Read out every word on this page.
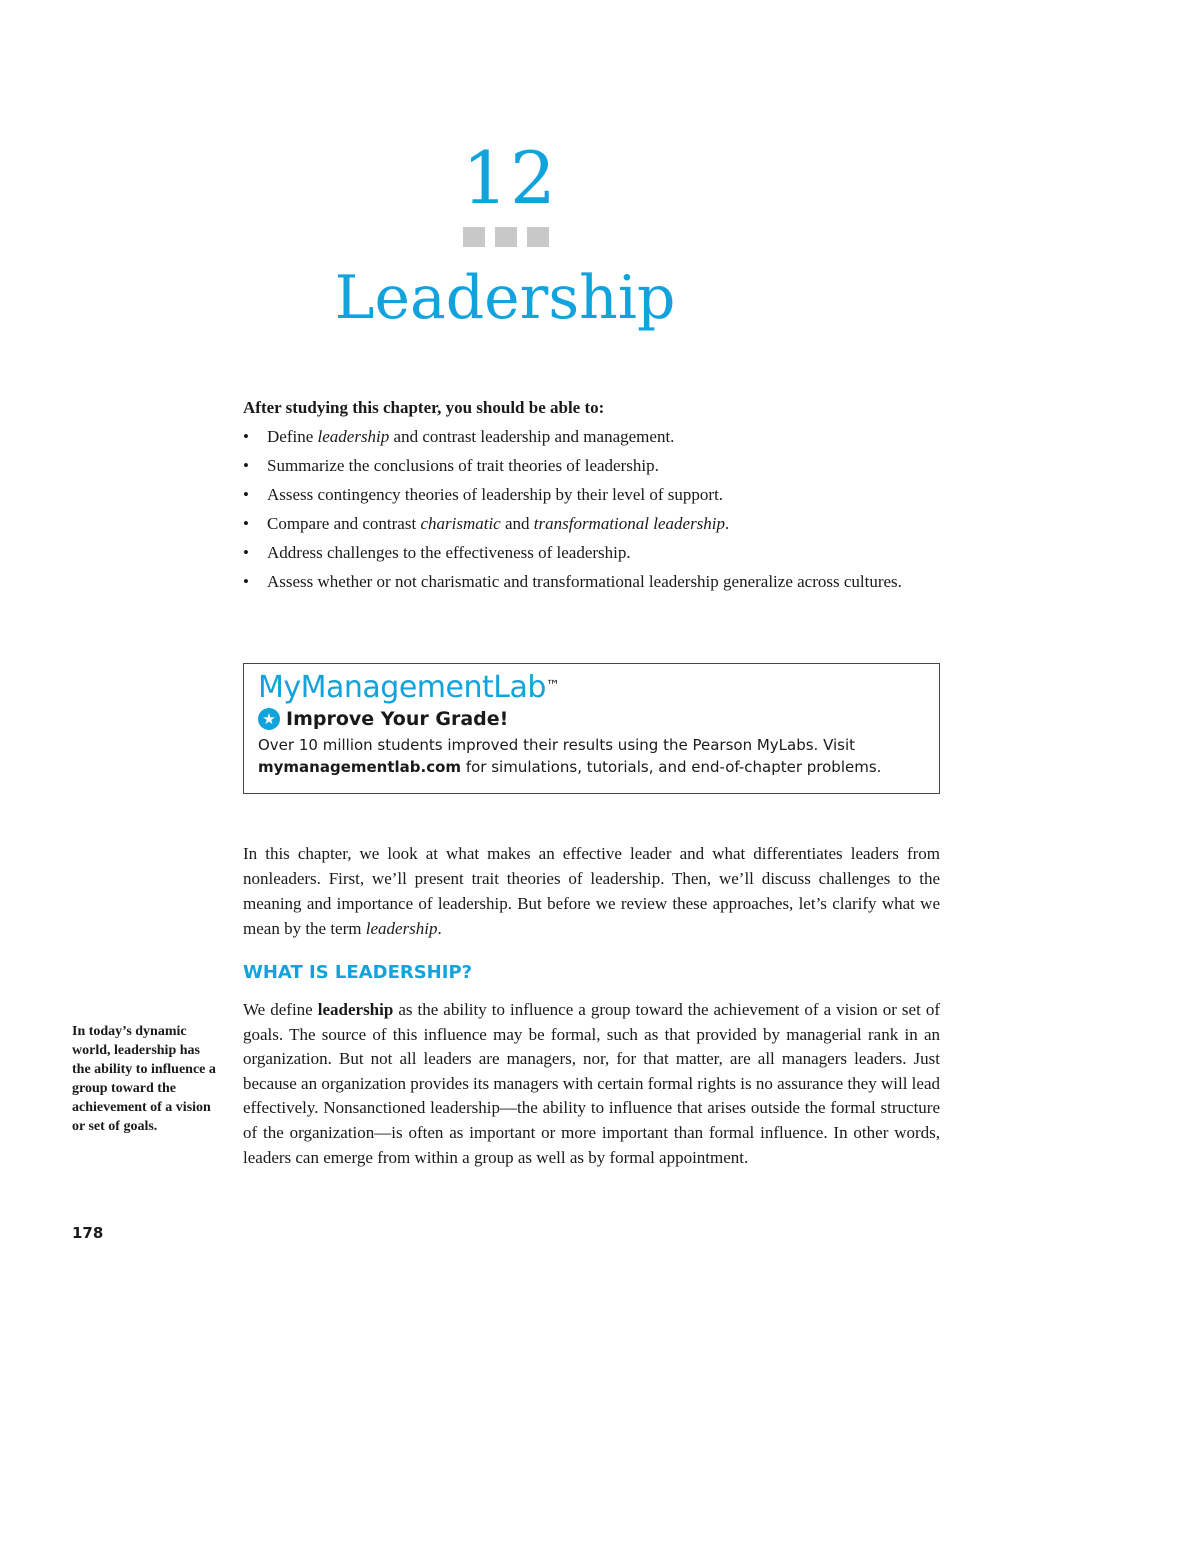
12
Leadership

After studying this chapter, you should be able to:

• Define leadership and contrast leadership and management.
• Summarize the conclusions of trait theories of leadership.
• Assess contingency theories of leadership by their level of support.
• Compare and contrast charismatic and transformational leadership.
• Address challenges to the effectiveness of leadership.
• Assess whether or not charismatic and transformational leadership generalize across cultures.
MyManagementLab™
★ Improve Your Grade!
Over 10 million students improved their results using the Pearson MyLabs. Visit
mymanagementlab.com for simulations, tutorials, and end-of-chapter problems.

In this chapter, we look at what makes an effective leader and what differentiates leaders from nonleaders. First, we’ll present trait theories of leadership. Then, we’ll discuss challenges to the meaning and importance of leadership. But before we review these approaches, let’s clarify what we mean by the term leadership.

WHAT IS LEADERSHIP?

We define leadership as the ability to influence a group toward the achievement of a vision or set of goals. The source of this influence may be formal, such as that provided by managerial rank in an organization. But not all leaders are managers, nor, for that matter, are all managers leaders. Just because an organization provides its managers with certain formal rights is no assurance they will lead effectively. Nonsanctioned leadership—the ability to influence that arises outside the formal structure of the organization—is often as important or more important than formal influence. In other words, leaders can emerge from within a group as well as by formal appointment.

In today’s dynamic world, leadership has the ability to influence a group toward the achievement of a vision or set of goals.

178
